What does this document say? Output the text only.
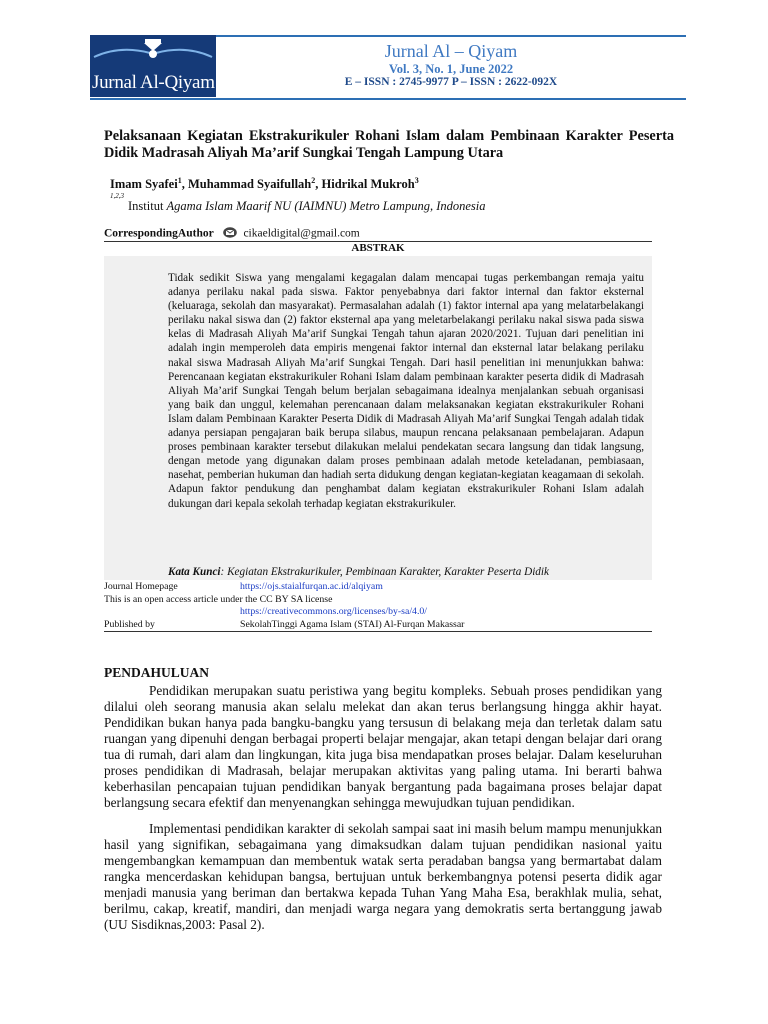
Jurnal Al-Qiyam
Jurnal Al – Qiyam
Vol. 3, No. 1, June 2022
E – ISSN : 2745-9977 P – ISSN : 2622-092X
Pelaksanaan Kegiatan Ekstrakurikuler Rohani Islam dalam Pembinaan Karakter Peserta Didik Madrasah Aliyah Ma’arif Sungkai Tengah Lampung Utara
Imam Syafei$^1$, Muhammad Syaifullah$^2$, Hidrikal Mukroh$^3$
1,2,3
Institut Agama Islam Maarif NU (IAIMNU) Metro Lampung, Indonesia
CorrespondingAuthor	cikaeldigital@gmail.com
ABSTRAK
Tidak sedikit Siswa yang mengalami kegagalan dalam mencapai tugas perkembangan remaja yaitu adanya perilaku nakal pada siswa. Faktor penyebabnya dari faktor internal dan faktor eksternal (keluaraga, sekolah dan masyarakat). Permasalahan adalah (1) faktor internal apa yang melatarbelakangi perilaku nakal siswa dan (2) faktor eksternal apa yang meletarbelakangi perilaku nakal siswa pada siswa kelas di Madrasah Aliyah Ma’arif Sungkai Tengah tahun ajaran 2020/2021. Tujuan dari penelitian ini adalah ingin memperoleh data empiris mengenai faktor internal dan eksternal latar belakang perilaku nakal siswa Madrasah Aliyah Ma’arif Sungkai Tengah. Dari hasil penelitian ini menunjukkan bahwa: Perencanaan kegiatan ekstrakurikuler Rohani Islam dalam pembinaan karakter peserta didik di Madrasah Aliyah Ma’arif Sungkai Tengah belum berjalan sebagaimana idealnya menjalankan sebuah organisasi yang baik dan unggul, kelemahan perencanaan dalam melaksanakan kegiatan ekstrakurikuler Rohani Islam dalam Pembinaan Karakter Peserta Didik di Madrasah Aliyah Ma’arif Sungkai Tengah adalah tidak adanya persiapan pengajaran baik berupa silabus, maupun rencana pelaksanaan pembelajaran. Adapun proses pembinaan karakter tersebut dilakukan melalui pendekatan secara langsung dan tidak langsung, dengan metode yang digunakan dalam proses pembinaan adalah metode keteladanan, pembiasaan, nasehat, pemberian hukuman dan hadiah serta didukung dengan kegiatan-kegiatan keagamaan di sekolah. Adapun faktor pendukung dan penghambat dalam kegiatan ekstrakurikuler Rohani Islam adalah dukungan dari kepala sekolah terhadap kegiatan ekstrakurikuler.
Kata Kunci: Kegiatan Ekstrakurikuler, Pembinaan Karakter, Karakter Peserta Didik
Journal Homepage	https://ojs.staialfurqan.ac.id/alqiyam
This is an open access article under the CC BY SA license
https://creativecommons.org/licenses/by-sa/4.0/
Published by	SekolahTinggi Agama Islam (STAI) Al-Furqan Makassar
PENDAHULUAN
Pendidikan merupakan suatu peristiwa yang begitu kompleks. Sebuah proses pendidikan yang dilalui oleh seorang manusia akan selalu melekat dan akan terus berlangsung hingga akhir hayat. Pendidikan bukan hanya pada bangku-bangku yang tersusun di belakang meja dan terletak dalam satu ruangan yang dipenuhi dengan berbagai properti belajar mengajar, akan tetapi dengan belajar dari orang tua di rumah, dari alam dan lingkungan, kita juga bisa mendapatkan proses belajar. Dalam keseluruhan proses pendidikan di Madrasah, belajar merupakan aktivitas yang paling utama. Ini berarti bahwa keberhasilan pencapaian tujuan pendidikan banyak bergantung pada bagaimana proses belajar dapat berlangsung secara efektif dan menyenangkan sehingga mewujudkan tujuan pendidikan.
Implementasi pendidikan karakter di sekolah sampai saat ini masih belum mampu menunjukkan hasil yang signifikan, sebagaimana yang dimaksudkan dalam tujuan pendidikan nasional yaitu mengembangkan kemampuan dan membentuk watak serta peradaban bangsa yang bermartabat dalam rangka mencerdaskan kehidupan bangsa, bertujuan untuk berkembangnya potensi peserta didik agar menjadi manusia yang beriman dan bertakwa kepada Tuhan Yang Maha Esa, berakhlak mulia, sehat, berilmu, cakap, kreatif, mandiri, dan menjadi warga negara yang demokratis serta bertanggung jawab (UU Sisdiknas,2003: Pasal 2).
